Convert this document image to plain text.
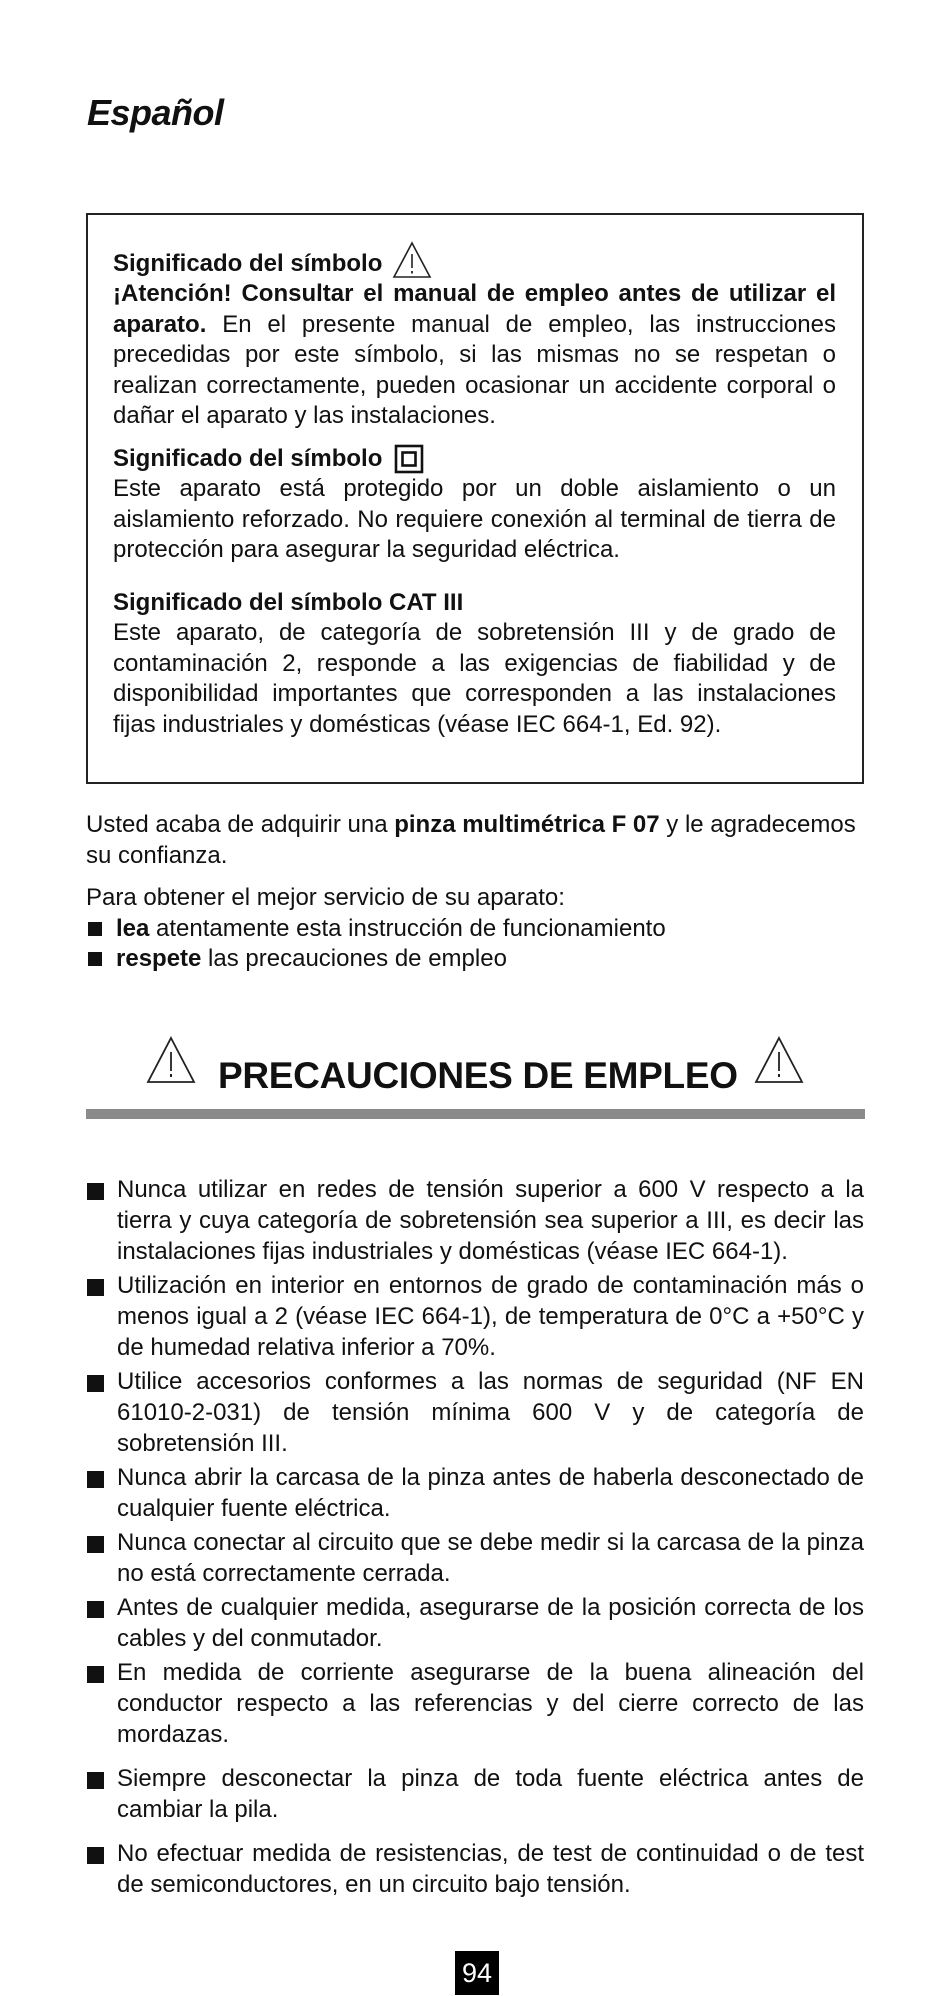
Español
Significado del símbolo
¡Atención! Consultar el manual de empleo antes de utilizar el aparato. En el presente manual de empleo, las instrucciones precedidas por este símbolo, si las mismas no se respetan o realizan correctamente, pueden ocasionar un accidente corporal o dañar el aparato y las instalaciones.
Significado del símbolo
Este aparato está protegido por un doble aislamiento o un aislamiento reforzado. No requiere conexión al terminal de tierra de protección para asegurar la seguridad eléctrica.
Significado del símbolo CAT III
Este aparato, de categoría de sobretensión III y de grado de contaminación 2, responde a las exigencias de fiabilidad y de disponibilidad importantes que corresponden a las instalaciones fijas industriales y domésticas (véase IEC 664-1, Ed. 92).

Usted acaba de adquirir una pinza multimétrica F 07 y le agradecemos su confianza.

Para obtener el mejor servicio de su aparato:

lea atentamente esta instrucción de funcionamiento
respete las precauciones de empleo
PRECAUCIONES DE EMPLEO
Nunca utilizar en redes de tensión superior a 600 V respecto a la tierra y cuya categoría de sobretensión sea superior a III, es decir las instalaciones fijas industriales y domésticas (véase IEC 664-1).
Utilización en interior en entornos de grado de contaminación más o menos igual a 2 (véase IEC 664-1), de temperatura de 0°C a +50°C y de humedad relativa inferior a 70%.
Utilice accesorios conformes a las normas de seguridad (NF EN 61010-2-031) de tensión mínima 600 V y de categoría de sobretensión III.
Nunca abrir la carcasa de la pinza antes de haberla desconectado de cualquier fuente eléctrica.
Nunca conectar al circuito que se debe medir si la carcasa de la pinza no está correctamente cerrada.
Antes de cualquier medida, asegurarse de la posición correcta de los cables y del conmutador.
En medida de corriente asegurarse de la buena alineación del conductor respecto a las referencias y del cierre correcto de las mordazas.
Siempre desconectar la pinza de toda fuente eléctrica antes de cambiar la pila.
No efectuar medida de resistencias, de test de continuidad o de test de semiconductores, en un circuito bajo tensión.
94
